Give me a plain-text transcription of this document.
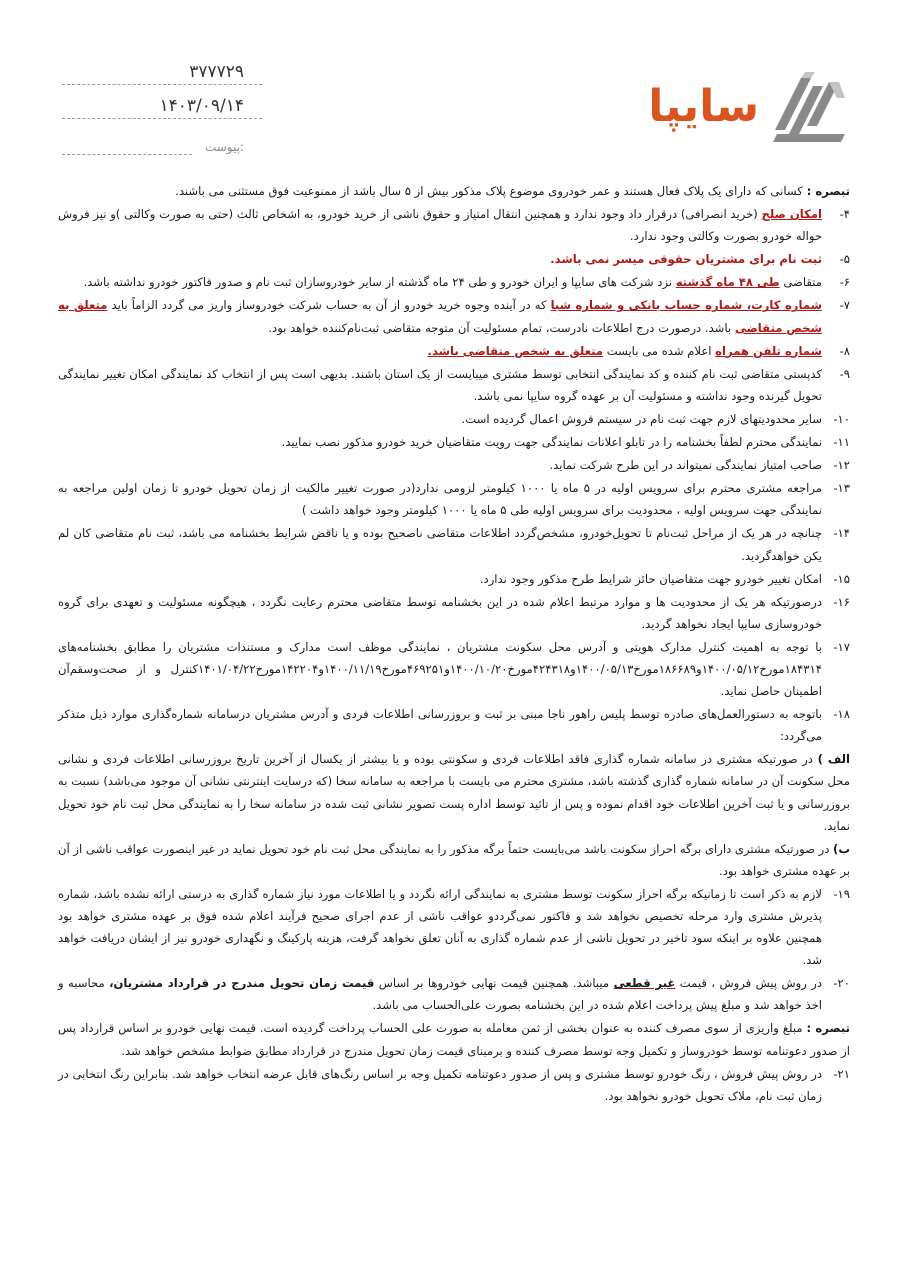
سایپا
۳۷۷۷۲۹
۱۴۰۳/۰۹/۱۴
پیوست:
تبصره : کسانی که دارای یک پلاک فعال هستند و عمر خودروی موضوع پلاک مذکور بیش از ۵ سال باشد از ممنوعیت فوق مستثنی می باشند.
۴-
امکان صلح (خرید انصرافی) درقرار داد وجود ندارد و همچنین انتقال امتیاز و حقوق ناشی از خرید خودرو، به اشخاص ثالث (حتی به صورت وکالتی )و نیز فروش حواله خودرو بصورت وکالتی وجود ندارد.
۵-
ثبت نام برای مشتریان حقوقی میسر نمی باشد.
۶-
متقاضی طی ۴۸ ماه گذشته نزد شرکت های سایپا و ایران خودرو و طی ۲۴ ماه گذشته از سایر خودروسازان ثبت نام و صدور فاکتور خودرو نداشته باشد.
۷-
شماره کارت، شماره حساب بانکی و شماره شبا که در آینده وجوه خرید خودرو از آن به حساب شرکت خودروساز واریز می گردد الزاماً باید متعلق به شخص متقاضی باشد. درصورت درج اطلاعات نادرست، تمام مسئولیت آن متوجه متقاضی ثبت‌نام‌کننده خواهد بود.
۸-
شماره تلفن همراه اعلام شده می بایست متعلق به شخص متقاضی باشد.
۹-
کدپستی متقاضی ثبت نام کننده و کد نمایندگی انتخابی توسط مشتری میبایست از یک استان باشند. بدیهی است پس از انتخاب کد نمایندگی امکان تغییر نمایندگی تحویل گیرنده وجود نداشته و مسئولیت آن بر عهده گروه سایپا نمی باشد.
۱۰-
سایر محدودیتهای لازم جهت ثبت نام در سیستم فروش اعمال گردیده است.
۱۱-
نمایندگی محترم لطفاً بخشنامه را در تابلو اعلانات نمایندگی جهت رویت متقاضیان خرید خودرو مذکور نصب نمایید.
۱۲-
صاحب امتیاز نمایندگی نمیتواند در این طرح شرکت نماید.
۱۳-
مراجعه مشتری محترم برای سرویس اولیه در ۵ ماه یا ۱۰۰۰ کیلومتر لزومی ندارد(در صورت تغییر مالکیت از زمان تحویل خودرو تا زمان اولین مراجعه به نمایندگی جهت سرویس اولیه ، محدودیت برای سرویس اولیه طی ۵ ماه یا ۱۰۰۰ کیلومتر وجود خواهد داشت )
۱۴-
چنانچه در هر یک از مراحل ثبت‌نام تا تحویل‌خودرو، مشخص‌گردد اطلاعات متقاضی ناصحیح بوده و یا ناقض شرایط بخشنامه می باشد، ثبت نام متقاضی کان لم یکن خواهدگردید.
۱۵-
امکان تغییر خودرو جهت متقاضیان حائز شرایط طرح مذکور وجود ندارد.
۱۶-
درصورتیکه هر یک از محدودیت ها و موارد مرتبط اعلام شده در این بخشنامه توسط متقاضی محترم رعایت نگردد ، هیچگونه مسئولیت و تعهدی برای گروه خودروسازی سایپا ایجاد نخواهد گردید.
۱۷-
با توجه به اهمیت کنترل مدارک هویتی و آدرس محل سکونت مشتریان ، نمایندگی موظف است مدارک و مستندات مشتریان را مطابق بخشنامه‌های ۱۸۴۳۱۴مورخ۱۴۰۰/۰۵/۱۲و۱۸۶۶۸۹مورخ۱۴۰۰/۰۵/۱۳و۴۲۴۳۱۸مورخ۱۴۰۰/۱۰/۲۰و۴۶۹۲۵۱مورخ۱۴۰۰/۱۱/۱۹و۱۴۲۲۰۴مورخ۱۴۰۱/۰۴/۲۲کنترل و از صحت‌وسقم‌آن اطمینان حاصل نماید.
۱۸-
باتوجه به دستورالعمل‌های صادره توسط پلیس راهور ناجا مبنی بر ثبت و بروزرسانی اطلاعات فردی و آدرس مشتریان درسامانه شماره‌گذاری موارد ذیل متذکر می‌گردد:
الف ) در صورتیکه مشتری در سامانه شماره گذاری فاقد اطلاعات فردی و سکونتی بوده و یا بیشتر از یکسال از آخرین تاریخ بروزرسانی اطلاعات فردی و نشانی محل سکونت آن در سامانه شماره گذاری گذشته باشد، مشتری محترم می بایست با مراجعه به سامانه سخا (که درسایت اینترنتی نشانی آن موجود می‌باشد) نسبت به بروزرسانی و یا ثبت آخرین اطلاعات خود اقدام نموده و پس از تائید توسط اداره پست تصویر نشانی ثبت شده در سامانه سخا را به نمایندگی محل ثبت نام خود تحویل نماید.
ب) در صورتیکه مشتری دارای برگه احراز سکونت باشد می‌بایست حتماً برگه مذکور را به نمایندگی محل ثبت نام خود تحویل نماید در غیر اینصورت عواقب ناشی از آن بر عهده مشتری خواهد بود.
۱۹-
لازم به ذکر است تا زمانیکه برگه احراز سکونت توسط مشتری به نمایندگی ارائه نگردد و یا اطلاعات مورد نیاز شماره گذاری به درستی ارائه نشده باشد، شماره پذیرش مشتری وارد مرحله تخصیص نخواهد شد و فاکتور نمی‌گردد‌و عواقب ناشی از عدم اجرای صحیح فرآیند اعلام شده فوق بر عهده مشتری خواهد بود همچنین علاوه بر اینکه سود تاخیر در تحویل ناشی از عدم شماره گذاری به آنان تعلق نخواهد گرفت، هزینه پارکینگ و نگهداری خودرو نیز از ایشان دریافت خواهد شد.
۲۰-
در روش پیش فروش ، قیمت غیر قطعی میباشد. همچنین قیمت نهایی خودروها بر اساس قیمت زمان تحویل مندرج در قرارداد مشتریان، محاسبه و اخذ خواهد شد و مبلغ پیش پرداخت اعلام شده در این بخشنامه بصورت علی‌الحساب می باشد.
تبصره : مبلغ واریزی از سوی مصرف کننده به عنوان بخشی از ثمن معامله به صورت علی الحساب پرداخت گردیده است. قیمت نهایی خودرو بر اساس قرارداد پس از صدور دعوتنامه توسط خودروساز و تکمیل وجه توسط مصرف کننده و برمبنای قیمت زمان تحویل مندرج در قرارداد مطابق ضوابط مشخص خواهد شد.
۲۱-
در روش پیش فروش ، رنگ خودرو توسط مشتری و پس از صدور دعوتنامه تکمیل وجه بر اساس رنگ‌های قابل عرضه انتخاب خواهد شد. بنابراین رنگ انتخابی در زمان ثبت نام، ملاک تحویل خودرو نخواهد بود.
